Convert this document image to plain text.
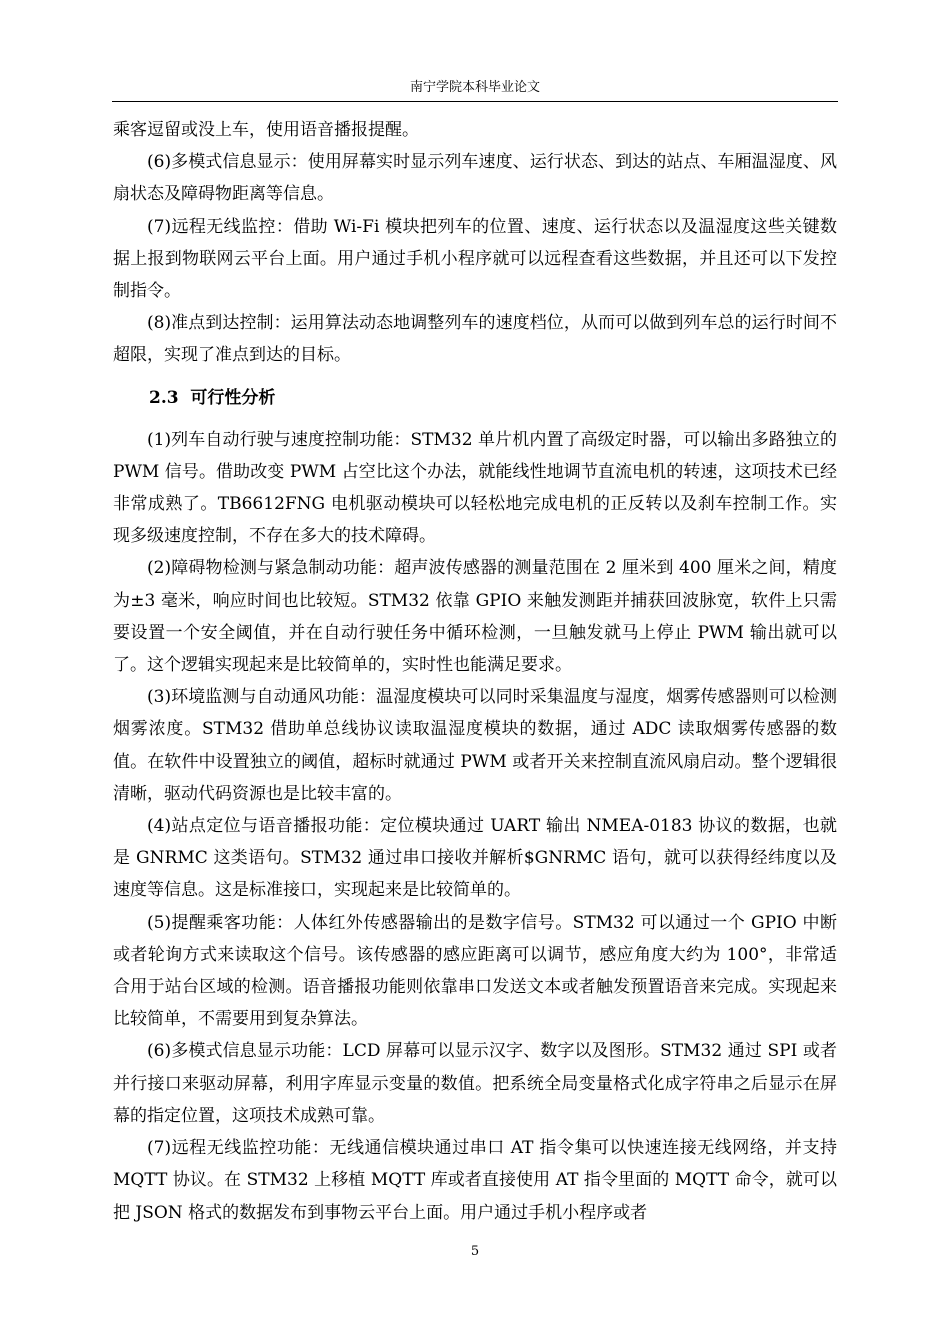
南宁学院本科毕业论文

乘客逗留或没上车，使用语音播报提醒。

(6)多模式信息显示：使用屏幕实时显示列车速度、运行状态、到达的站点、车厢温湿度、风扇状态及障碍物距离等信息。

(7)远程无线监控：借助 Wi-Fi 模块把列车的位置、速度、运行状态以及温湿度这些关键数据上报到物联网云平台上面。用户通过手机小程序就可以远程查看这些数据，并且还可以下发控制指令。

(8)准点到达控制：运用算法动态地调整列车的速度档位，从而可以做到列车总的运行时间不超限，实现了准点到达的目标。

2.3 可行性分析

(1)列车自动行驶与速度控制功能：STM32 单片机内置了高级定时器，可以输出多路独立的 PWM 信号。借助改变 PWM 占空比这个办法，就能线性地调节直流电机的转速，这项技术已经非常成熟了。TB6612FNG 电机驱动模块可以轻松地完成电机的正反转以及刹车控制工作。实现多级速度控制，不存在多大的技术障碍。

(2)障碍物检测与紧急制动功能：超声波传感器的测量范围在 2 厘米到 400 厘米之间，精度为±3 毫米，响应时间也比较短。STM32 依靠 GPIO 来触发测距并捕获回波脉宽，软件上只需要设置一个安全阈值，并在自动行驶任务中循环检测，一旦触发就马上停止 PWM 输出就可以了。这个逻辑实现起来是比较简单的，实时性也能满足要求。

(3)环境监测与自动通风功能：温湿度模块可以同时采集温度与湿度，烟雾传感器则可以检测烟雾浓度。STM32 借助单总线协议读取温湿度模块的数据，通过 ADC 读取烟雾传感器的数值。在软件中设置独立的阈值，超标时就通过 PWM 或者开关来控制直流风扇启动。整个逻辑很清晰，驱动代码资源也是比较丰富的。

(4)站点定位与语音播报功能：定位模块通过 UART 输出 NMEA-0183 协议的数据，也就是 GNRMC 这类语句。STM32 通过串口接收并解析$GNRMC 语句，就可以获得经纬度以及速度等信息。这是标准接口，实现起来是比较简单的。

(5)提醒乘客功能：人体红外传感器输出的是数字信号。STM32 可以通过一个 GPIO 中断或者轮询方式来读取这个信号。该传感器的感应距离可以调节，感应角度大约为 100°，非常适合用于站台区域的检测。语音播报功能则依靠串口发送文本或者触发预置语音来完成。实现起来比较简单，不需要用到复杂算法。

(6)多模式信息显示功能：LCD 屏幕可以显示汉字、数字以及图形。STM32 通过 SPI 或者并行接口来驱动屏幕，利用字库显示变量的数值。把系统全局变量格式化成字符串之后显示在屏幕的指定位置，这项技术成熟可靠。

(7)远程无线监控功能：无线通信模块通过串口 AT 指令集可以快速连接无线网络，并支持 MQTT 协议。在 STM32 上移植 MQTT 库或者直接使用 AT 指令里面的 MQTT 命令，就可以把 JSON 格式的数据发布到事物云平台上面。用户通过手机小程序或者

5
